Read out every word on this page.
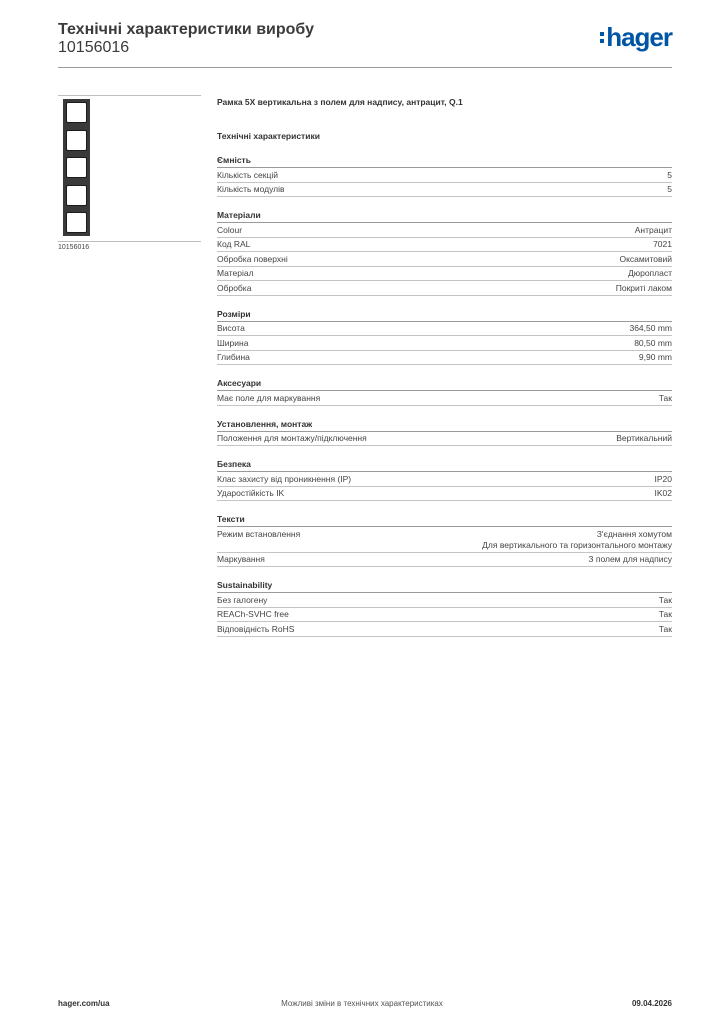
Технічні характеристики виробу
10156016	hager
10156016
Рамка 5X вертикальна з полем для надпису, антрацит, Q.1
Технічні характеристики
Ємність
Кількість секцій	5
Кількість модулів	5
Матеріали
Colour	Антрацит
Код RAL	7021
Обробка поверхні	Оксамитовий
Матеріал	Дюропласт
Обробка	Покриті лаком
Розміри
Висота	364,50 mm
Ширина	80,50 mm
Глибина	9,90 mm
Аксесуари
Має поле для маркування	Так
Установлення, монтаж
Положення для монтажу/підключення	Вертикальний
Безпека
Клас захисту від проникнення (IP)	IP20
Ударостійкість IK	IK02
Тексти
Режим встановлення	З'єднання хомутом
Для вертикального та горизонтального монтажу
Маркування	З полем для надпису
Sustainability
Без галогену	Так
REACh-SVHC free	Так
Відповідність RoHS	Так
hager.com/ua	Можливі зміни в технічних характеристиках	09.04.2026
